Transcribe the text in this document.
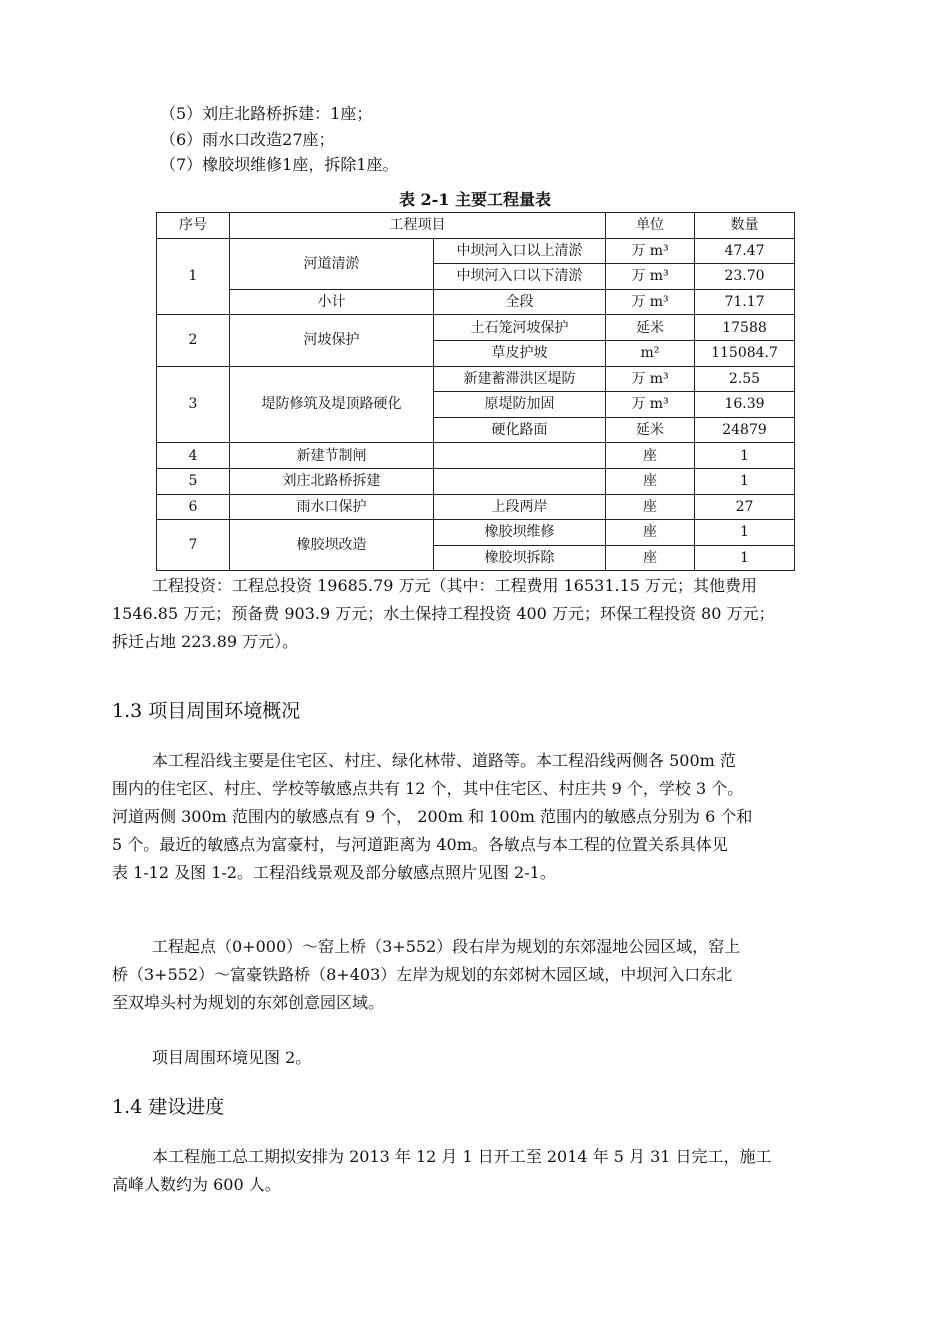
（5）刘庄北路桥拆建：1座；
（6）雨水口改造27座；
（7）橡胶坝维修1座，拆除1座。
表 2-1 主要工程量表
序号	工程项目		单位	数量
1	河道清淤	中坝河入口以上清淤	万 m³	47.47
		中坝河入口以下清淤	万 m³	23.70
	小计	全段	万 m³	71.17
2	河坡保护	土石笼河坡保护	延米	17588
		草皮护坡	m²	115084.7
3	堤防修筑及堤顶路硬化	新建蓄滞洪区堤防	万 m³	2.55
		原堤防加固	万 m³	16.39
		硬化路面	延米	24879
4	新建节制闸		座	1
5	刘庄北路桥拆建		座	1
6	雨水口保护	上段两岸	座	27
7	橡胶坝改造	橡胶坝维修	座	1
		橡胶坝拆除	座	1

工程投资：工程总投资 19685.79 万元（其中：工程费用 16531.15 万元；其他费用

1546.85 万元；预备费 903.9 万元；水土保持工程投资 400 万元；环保工程投资 80 万元；

拆迁占地 223.89 万元）。

1.3 项目周围环境概况

本工程沿线主要是住宅区、村庄、绿化林带、道路等。本工程沿线两侧各 500m 范

围内的住宅区、村庄、学校等敏感点共有 12 个，其中住宅区、村庄共 9 个，学校 3 个。

河道两侧 300m 范围内的敏感点有 9 个， 200m 和 100m 范围内的敏感点分别为 6 个和

5 个。最近的敏感点为富豪村，与河道距离为 40m。各敏点与本工程的位置关系具体见

表 1-12 及图 1-2。工程沿线景观及部分敏感点照片见图 2-1。

工程起点（0+000）～窑上桥（3+552）段右岸为规划的东郊湿地公园区域，窑上

桥（3+552）～富豪铁路桥（8+403）左岸为规划的东郊树木园区域，中坝河入口东北

至双埠头村为规划的东郊创意园区域。

项目周围环境见图 2。

1.4 建设进度

本工程施工总工期拟安排为 2013 年 12 月 1 日开工至 2014 年 5 月 31 日完工，施工

高峰人数约为 600 人。
